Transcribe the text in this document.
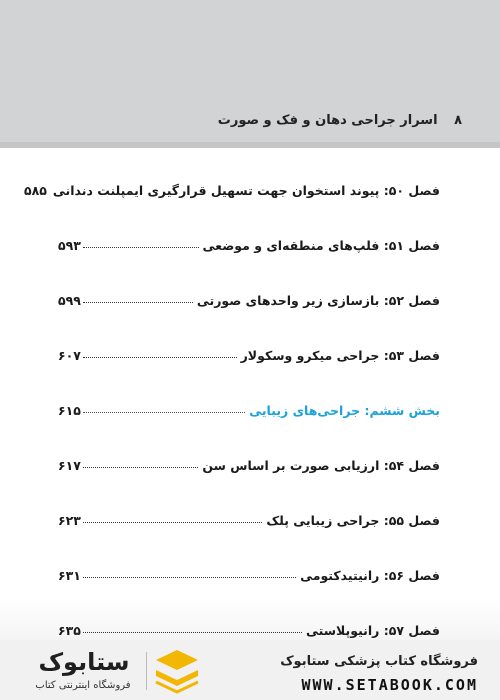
۸ اسرار جراحی دهان و فک و صورت
فصل ۵۰: پیوند استخوان جهت تسهیل قرارگیری ایمپلنت دندانی
۵۸۵
فصل ۵۱: فلپ‌های منطقه‌ای و موضعی
۵۹۳
فصل ۵۲: بازسازی زیر واحدهای صورتی
۵۹۹
فصل ۵۳: جراحی میکرو وسکولار
۶۰۷
بخش ششم: جراحی‌های زیبایی
۶۱۵
فصل ۵۴: ارزیابی صورت بر اساس سن
۶۱۷
فصل ۵۵: جراحی زیبایی پلک
۶۲۳
فصل ۵۶: رانیتیدکتومی
۶۳۱
فصل ۵۷: رانیوپلاستی
۶۳۵
فروشگاه کتاب پزشکی ستابوک
WWW.SETABOOK.COM
ستابوک
فروشگاه اینترنتی کتاب
